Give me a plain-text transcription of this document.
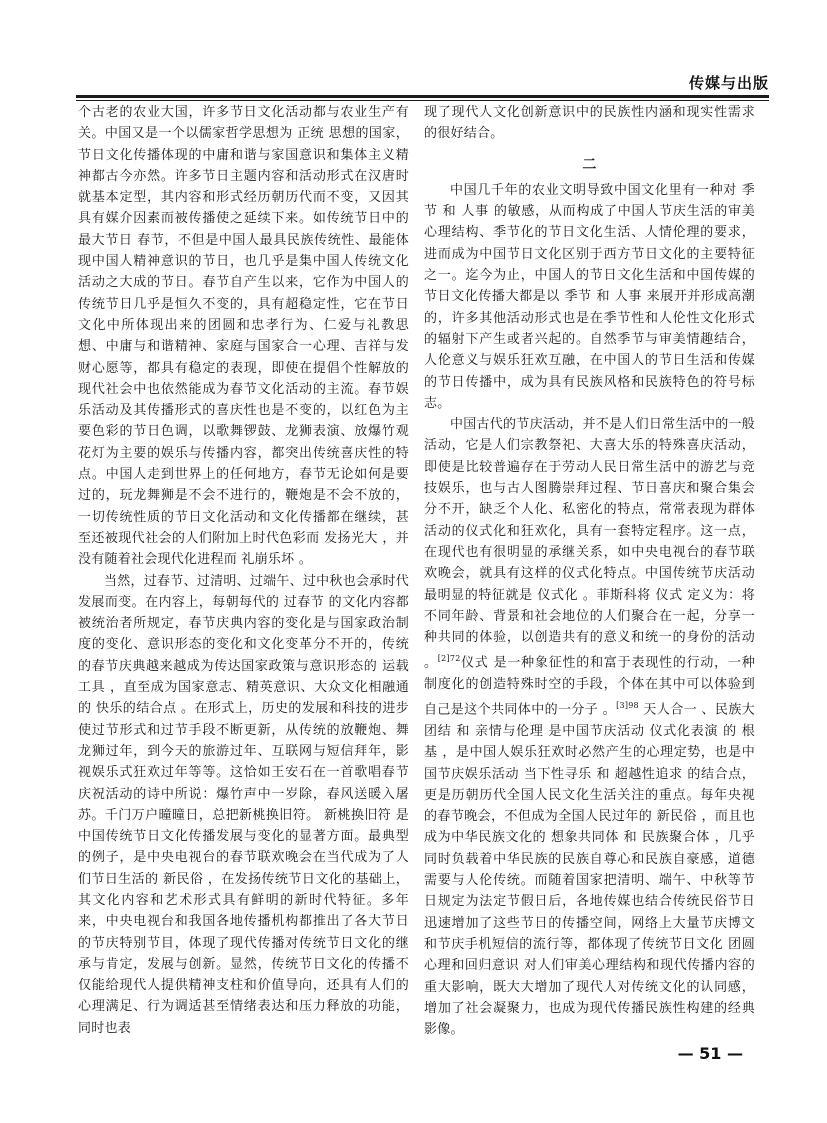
传媒与出版

个古老的农业大国，许多节日文化活动都与农业生产有关。中国又是一个以儒家哲学思想为 正统 思想的国家，节日文化传播体现的中庸和谐与家国意识和集体主义精神都古今亦然。许多节日主题内容和活动形式在汉唐时就基本定型，其内容和形式经历朝历代而不变，又因其具有媒介因素而被传播使之延续下来。如传统节日中的最大节日 春节，不但是中国人最具民族传统性、最能体现中国人精神意识的节日，也几乎是集中国人传统文化活动之大成的节日。春节自产生以来，它作为中国人的传统节日几乎是恒久不变的，具有超稳定性，它在节日文化中所体现出来的团圆和忠孝行为、仁爱与礼教思想、中庸与和谐精神、家庭与国家合一心理、吉祥与发财心愿等，都具有稳定的表现，即使在提倡个性解放的现代社会中也依然能成为春节文化活动的主流。春节娱乐活动及其传播形式的喜庆性也是不变的，以红色为主要色彩的节日色调，以歌舞锣鼓、龙狮表演、放爆竹观花灯为主要的娱乐与传播内容，都突出传统喜庆性的特点。中国人走到世界上的任何地方，春节无论如何是要过的，玩龙舞狮是不会不进行的，鞭炮是不会不放的，一切传统性质的节日文化活动和文化传播都在继续，甚至还被现代社会的人们附加上时代色彩而 发扬光大 ，并没有随着社会现代化进程而 礼崩乐坏 。

当然，过春节、过清明、过端午、过中秋也会承时代发展而变。在内容上，每朝每代的 过春节 的文化内容都被统治者所规定，春节庆典内容的变化是与国家政治制度的变化、意识形态的变化和文化变革分不开的，传统的春节庆典越来越成为传达国家政策与意识形态的 运载工具 ，直至成为国家意志、精英意识、大众文化相融通的 快乐的结合点 。在形式上，历史的发展和科技的进步使过节形式和过节手段不断更新，从传统的放鞭炮、舞龙狮过年，到今天的旅游过年、互联网与短信拜年，影视娱乐式狂欢过年等等。这恰如王安石在一首歌唱春节庆祝活动的诗中所说：爆竹声中一岁除，春风送暖入屠苏。千门万户曈曈日，总把新桃换旧符。 新桃换旧符 是中国传统节日文化传播发展与变化的显著方面。最典型的例子，是中央电视台的春节联欢晚会在当代成为了人们节日生活的 新民俗 ，在发扬传统节日文化的基础上，其文化内容和艺术形式具有鲜明的新时代特征。多年来，中央电视台和我国各地传播机构都推出了各大节日的节庆特别节目，体现了现代传播对传统节日文化的继承与肯定，发展与创新。显然，传统节日文化的传播不仅能给现代人提供精神支柱和价值导向，还具有人们的心理满足、行为调适甚至情绪表达和压力释放的功能，同时也表

现了现代人文化创新意识中的民族性内涵和现实性需求的很好结合。

二

中国几千年的农业文明导致中国文化里有一种对 季节 和 人事 的敏感，从而构成了中国人节庆生活的审美心理结构、季节化的节日文化生活、人情伦理的要求，进而成为中国节日文化区别于西方节日文化的主要特征之一。迄今为止，中国人的节日文化生活和中国传媒的节日文化传播大都是以 季节 和 人事 来展开并形成高潮的，许多其他活动形式也是在季节性和人伦性文化形式的辐射下产生或者兴起的。自然季节与审美情趣结合，人伦意义与娱乐狂欢互融，在中国人的节日生活和传媒的节日传播中，成为具有民族风格和民族特色的符号标志。

中国古代的节庆活动，并不是人们日常生活中的一般活动，它是人们宗教祭祀、大喜大乐的特殊喜庆活动，即使是比较普遍存在于劳动人民日常生活中的游艺与竞技娱乐，也与古人图腾崇拜过程、节日喜庆和聚合集会分不开，缺乏个人化、私密化的特点，常常表现为群体活动的仪式化和狂欢化，具有一套特定程序。这一点，在现代也有很明显的承继关系，如中央电视台的春节联欢晚会，就具有这样的仪式化特点。中国传统节庆活动最明显的特征就是 仪式化 。菲斯科将 仪式 定义为：将不同年龄、背景和社会地位的人们聚合在一起，分享一种共同的体验，以创造共有的意义和统一的身份的活动 。$^{[2]72}$仪式 是一种象征性的和富于表现性的行动，一种制度化的创造特殊时空的手段，个体在其中可以体验到自己是这个共同体中的一分子 。$^{[3]98}$ 天人合一 、民族大团结 和 亲情与伦理 是中国节庆活动 仪式化表演 的 根基 ，是中国人娱乐狂欢时必然产生的心理定势，也是中国节庆娱乐活动 当下性寻乐 和 超越性追求 的结合点，更是历朝历代全国人民文化生活关注的重点。每年央视的春节晚会，不但成为全国人民过年的 新民俗 ，而且也成为中华民族文化的 想象共同体 和 民族聚合体 ，几乎同时负载着中华民族的民族自尊心和民族自豪感，道德需要与人伦传统。而随着国家把清明、端午、中秋等节日规定为法定节假日后，各地传媒也结合传统民俗节日迅速增加了这些节日的传播空间，网络上大量节庆博文和节庆手机短信的流行等，都体现了传统节日文化 团圆心理和回归意识 对人们审美心理结构和现代传播内容的重大影响，既大大增加了现代人对传统文化的认同感，增加了社会凝聚力，也成为现代传播民族性构建的经典影像。

— 51 —
